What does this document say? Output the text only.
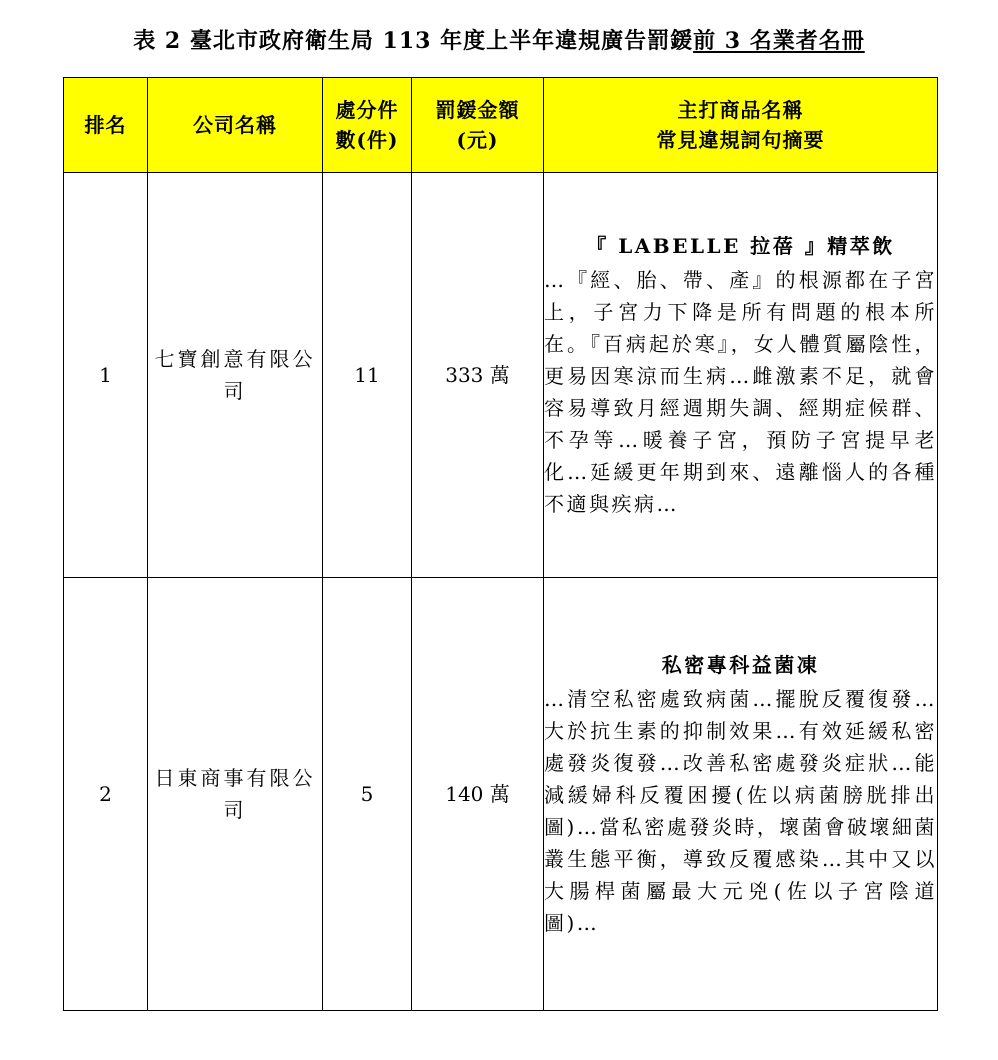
表 2 臺北市政府衛生局 113 年度上半年違規廣告罰鍰前 3 名業者名冊
排名	公司名稱	處分件數(件)	罰鍰金額(元)	主打商品名稱
常見違規詞句摘要

1	七寶創意有限公司	11	333 萬	『 LABELLE 拉蓓 』精萃飲
…『經、胎、帶、產』的根源都在子宮上，子宮力下降是所有問題的根本所在。『百病起於寒』，女人體質屬陰性，更易因寒涼而生病…雌激素不足，就會容易導致月經週期失調、經期症候群、不孕等…暖養子宮，預防子宮提早老化…延緩更年期到來、遠離惱人的各種不適與疾病…

2	日東商事有限公司	5	140 萬	私密專科益菌凍
…清空私密處致病菌…擺脫反覆復發…大於抗生素的抑制效果…有效延緩私密處發炎復發…改善私密處發炎症狀…能減緩婦科反覆困擾(佐以病菌膀胱排出圖)…當私密處發炎時，壞菌會破壞細菌叢生態平衡，導致反覆感染…其中又以大腸桿菌屬最大元兇(佐以子宮陰道圖)…
